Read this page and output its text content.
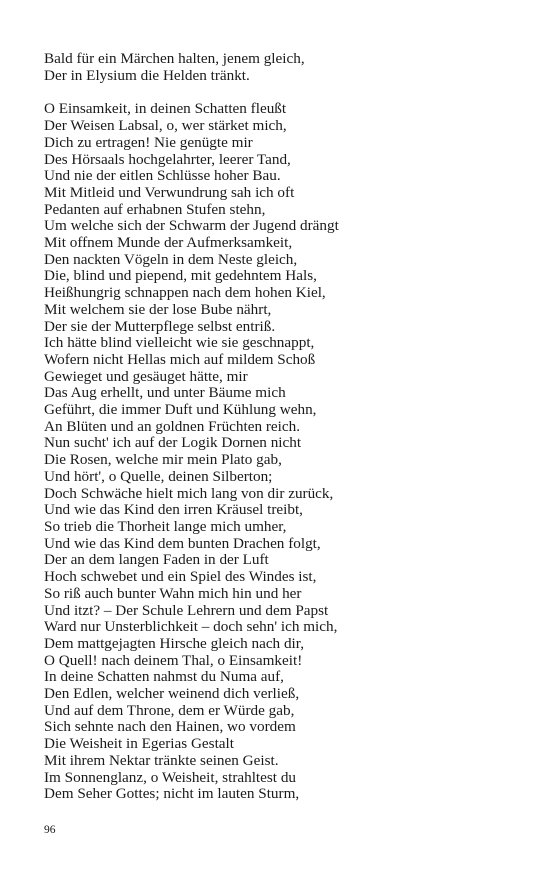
Bald für ein Märchen halten, jenem gleich,
Der in Elysium die Helden tränkt.
O Einsamkeit, in deinen Schatten fleußt
Der Weisen Labsal, o, wer stärket mich,
Dich zu ertragen! Nie genügte mir
Des Hörsaals hochgelahrter, leerer Tand,
Und nie der eitlen Schlüsse hoher Bau.
Mit Mitleid und Verwundrung sah ich oft
Pedanten auf erhabnen Stufen stehn,
Um welche sich der Schwarm der Jugend drängt
Mit offnem Munde der Aufmerksamkeit,
Den nackten Vögeln in dem Neste gleich,
Die, blind und piepend, mit gedehntem Hals,
Heißhungrig schnappen nach dem hohen Kiel,
Mit welchem sie der lose Bube nährt,
Der sie der Mutterpflege selbst entriß.
Ich hätte blind vielleicht wie sie geschnappt,
Wofern nicht Hellas mich auf mildem Schoß
Gewieget und gesäuget hätte, mir
Das Aug erhellt, und unter Bäume mich
Geführt, die immer Duft und Kühlung wehn,
An Blüten und an goldnen Früchten reich.
Nun sucht' ich auf der Logik Dornen nicht
Die Rosen, welche mir mein Plato gab,
Und hört', o Quelle, deinen Silberton;
Doch Schwäche hielt mich lang von dir zurück,
Und wie das Kind den irren Kräusel treibt,
So trieb die Thorheit lange mich umher,
Und wie das Kind dem bunten Drachen folgt,
Der an dem langen Faden in der Luft
Hoch schwebet und ein Spiel des Windes ist,
So riß auch bunter Wahn mich hin und her
Und itzt? – Der Schule Lehrern und dem Papst
Ward nur Unsterblichkeit – doch sehn' ich mich,
Dem mattgejagten Hirsche gleich nach dir,
O Quell! nach deinem Thal, o Einsamkeit!
In deine Schatten nahmst du Numa auf,
Den Edlen, welcher weinend dich verließ,
Und auf dem Throne, dem er Würde gab,
Sich sehnte nach den Hainen, wo vordem
Die Weisheit in Egerias Gestalt
Mit ihrem Nektar tränkte seinen Geist.
Im Sonnenglanz, o Weisheit, strahltest du
Dem Seher Gottes; nicht im lauten Sturm,
96
